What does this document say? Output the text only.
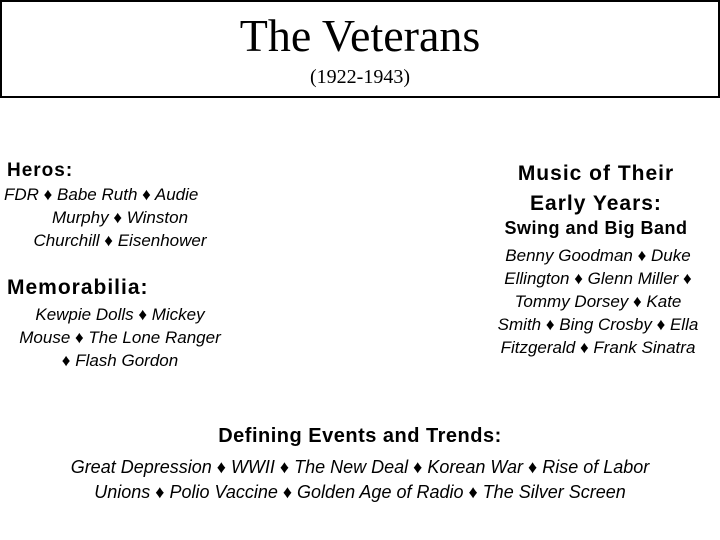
The Veterans
(1922-1943)
Heros:
FDR ♦ Babe Ruth ♦ Audie
Murphy ♦ Winston
Churchill ♦ Eisenhower
Memorabilia:
Kewpie Dolls ♦ Mickey
Mouse ♦ The Lone Ranger
♦ Flash Gordon
Music of Their
Early Years:
Swing and Big Band
Benny Goodman ♦ Duke
Ellington ♦ Glenn Miller ♦
Tommy Dorsey ♦ Kate
Smith ♦ Bing Crosby ♦ Ella
Fitzgerald ♦ Frank Sinatra
Defining Events and Trends:
Great Depression ♦ WWII ♦ The New Deal ♦ Korean War ♦ Rise of Labor
Unions ♦ Polio Vaccine ♦ Golden Age of Radio ♦ The Silver Screen
